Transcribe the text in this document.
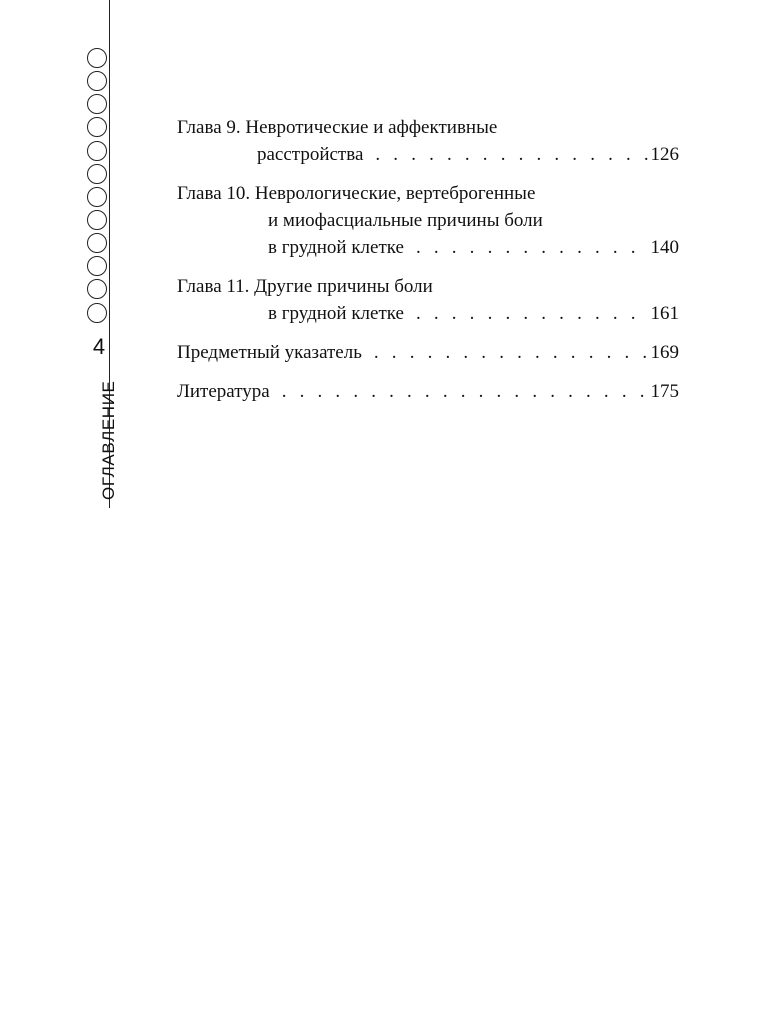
4
ОГЛАВЛЕНИЕ
Глава 9. Невротические и аффективные
расстройства . . .	126
Глава 10. Неврологические, вертеброгенные
и миофасциальные причины боли
в грудной клетке . . .	140
Глава 11. Другие причины боли
в грудной клетке . . .	161
Предметный указатель . . .	169
Литература . . .	175
